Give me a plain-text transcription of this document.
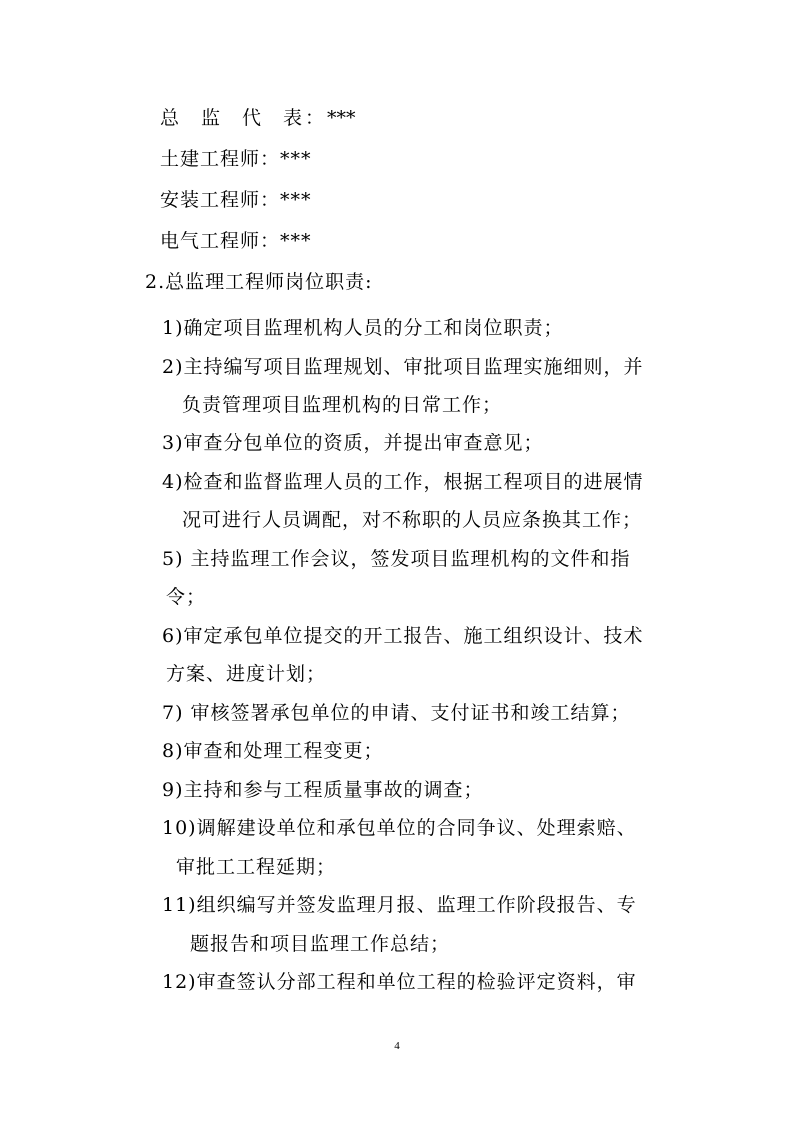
总 监 代 表 ： ***
土建工程师：***
安装工程师：***
电气工程师：***
2.总监理工程师岗位职责:
1)确定项目监理机构人员的分工和岗位职责；
2)主持编写项目监理规划、审批项目监理实施细则，并
负责管理项目监理机构的日常工作；
3)审查分包单位的资质，并提出审查意见；
4)检查和监督监理人员的工作，根据工程项目的进展情
况可进行人员调配，对不称职的人员应条换其工作；
5) 主持监理工作会议，签发项目监理机构的文件和指
令；
6)审定承包单位提交的开工报告、施工组织设计、技术
方案、进度计划；
7) 审核签署承包单位的申请、支付证书和竣工结算；
8)审查和处理工程变更；
9)主持和参与工程质量事故的调查；
10)调解建设单位和承包单位的合同争议、处理索赔、
审批工工程延期；
11)组织编写并签发监理月报、监理工作阶段报告、专
题报告和项目监理工作总结；
12)审查签认分部工程和单位工程的检验评定资料，审
4
